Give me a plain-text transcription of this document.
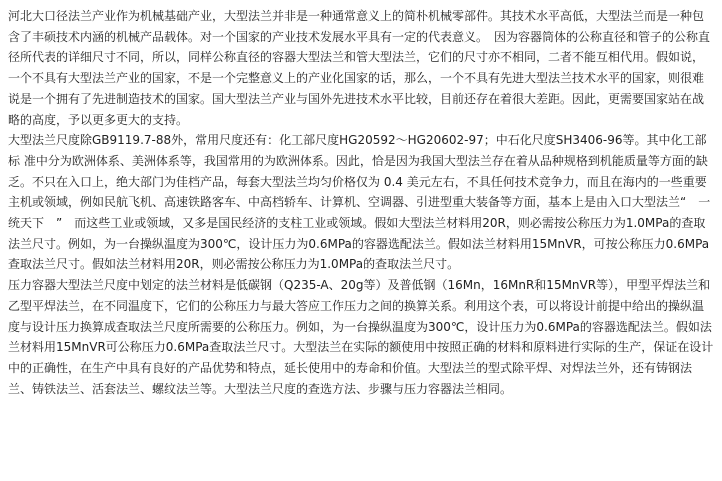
河北大口径法兰产业作为机械基础产业，大型法兰并非是一种通常意义上的简朴机械零部件。其技术水平高低，大型法兰而是一种包含了丰硕技术内涵的机械产品载体。对一个国家的产业技术发展水平具有一定的代表意义。　因为容器筒体的公称直径和管子的公称直径所代表的详细尺寸不同，所以，同样公称直径的容器大型法兰和管大型法兰，它们的尺寸亦不相同，二者不能互相代用。假如说，一个不具有大型法兰产业的国家，不是一个完整意义上的产业化国家的话，那么，一个不具有先进大型法兰技术水平的国家，则很难说是一个拥有了先进制造技术的国家。国大型法兰产业与国外先进技术水平比较，目前还存在着很大差距。因此，更需要国家站在战略的高度，予以更多更大的支持。

大型法兰尺度除GB9119.7-88外，常用尺度还有：化工部尺度HG20592～HG20602-97；中石化尺度SH3406-96等。其中化工部标 准中分为欧洲体系、美洲体系等，我国常用的为欧洲体系。因此，恰是因为我国大型法兰存在着从品种规格到机能质量等方面的缺乏。不只在入口上，绝大部门为佳档产品，每套大型法兰均匀价格仅为 0.4 美元左右，不具任何技术竞争力，而且在海内的一些重要主机或领域，例如民航飞机、高速铁路客车、中高档轿车、计算机、空调器、引进型重大装备等方面，基本上是由入口大型法兰“　一统天下　”　而这些工业或领域，又多是国民经济的支柱工业或领域。假如大型法兰材料用20R，则必需按公称压力为1.0MPa的查取法兰尺寸。例如，为一台操纵温度为300℃，设计压力为0.6MPa的容器选配法兰。假如法兰材料用15MnVR，可按公称压力0.6MPa查取法兰尺寸。假如法兰材料用20R，则必需按公称压力为1.0MPa的查取法兰尺寸。

压力容器大型法兰尺度中划定的法兰材料是低碳钢（Q235-A、20g等）及普低钢（16Mn，16MnR和15MnVR等），甲型平焊法兰和乙型平焊法兰，在不同温度下，它们的公称压力与最大答应工作压力之间的换算关系。利用这个表，可以将设计前提中给出的操纵温度与设计压力换算成查取法兰尺度所需要的公称压力。例如，为一台操纵温度为300℃，设计压力为0.6MPa的容器选配法兰。假如法兰材料用15MnVR可公称压力0.6MPa查取法兰尺寸。大型法兰在实际的额使用中按照正确的材料和原料进行实际的生产，保证在设计中的正确性，在生产中具有良好的产品优势和特点，延长使用中的寿命和价值。大型法兰的型式除平焊、对焊法兰外，还有铸钢法兰、铸铁法兰、活套法兰、螺纹法兰等。大型法兰尺度的查选方法、步骤与压力容器法兰相同。
